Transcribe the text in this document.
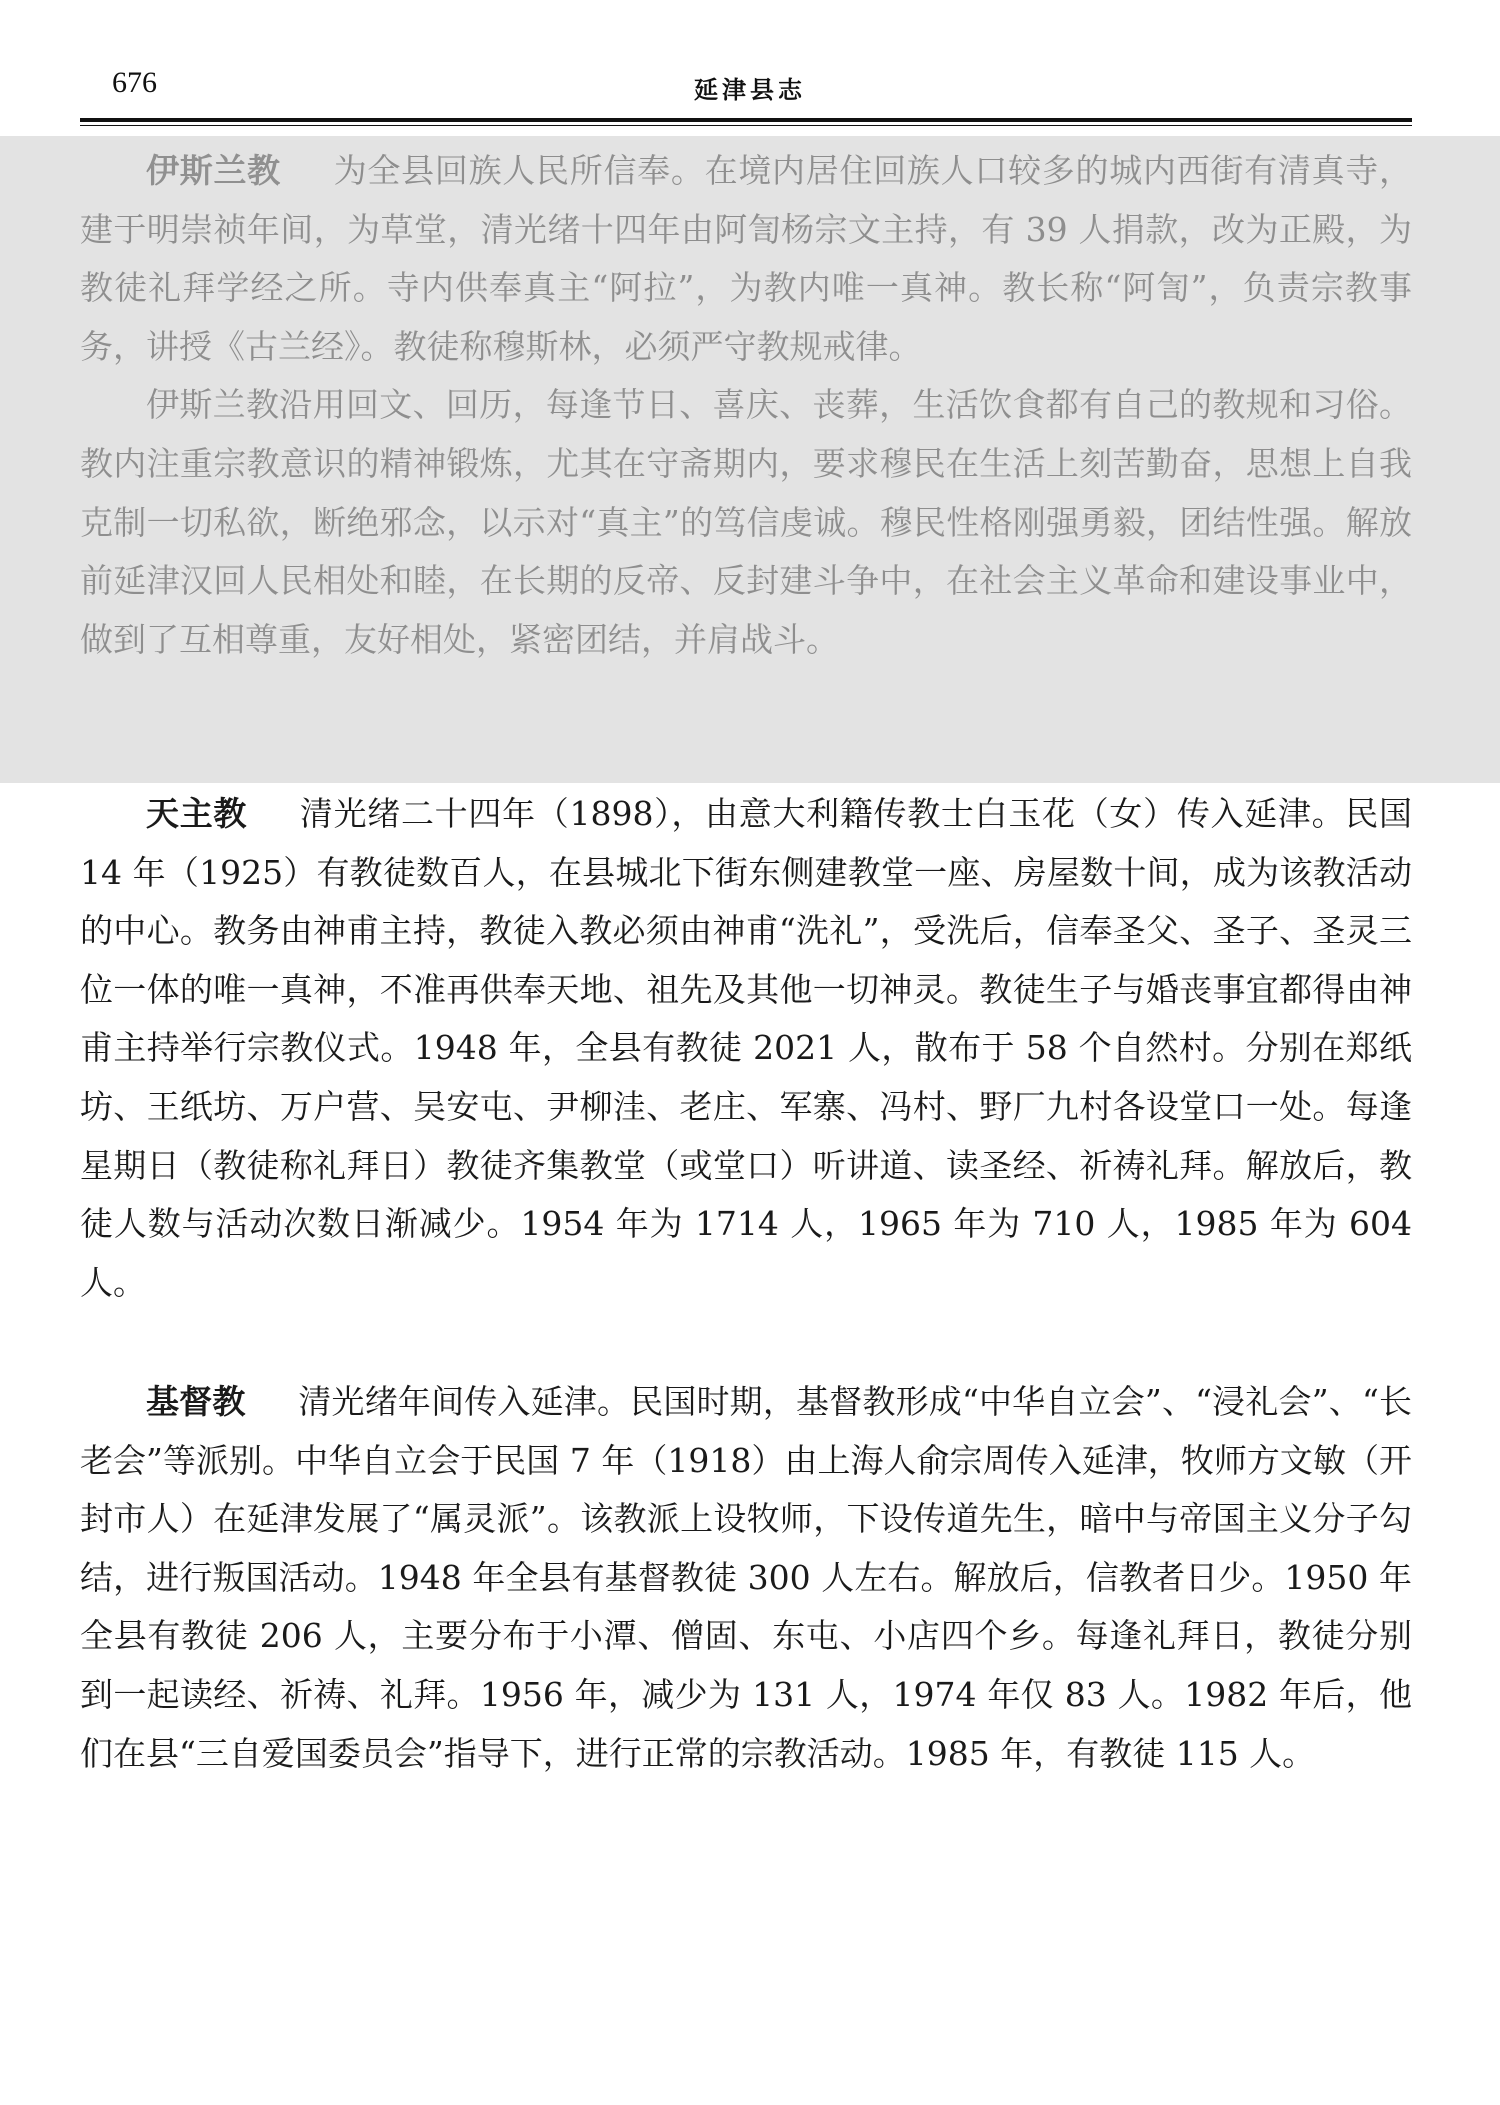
676	延津县志

伊斯兰教 为全县回族人民所信奉。在境内居住回族人口较多的城内西街有清真寺，建于明崇祯年间，为草堂，清光绪十四年由阿訇杨宗文主持，有 39 人捐款，改为正殿，为教徒礼拜学经之所。寺内供奉真主“阿拉”，为教内唯一真神。教长称“阿訇”，负责宗教事务，讲授《古兰经》。教徒称穆斯林，必须严守教规戒律。

伊斯兰教沿用回文、回历，每逢节日、喜庆、丧葬，生活饮食都有自己的教规和习俗。教内注重宗教意识的精神锻炼，尤其在守斋期内，要求穆民在生活上刻苦勤奋，思想上自我克制一切私欲，断绝邪念，以示对“真主”的笃信虔诚。穆民性格刚强勇毅，团结性强。解放前延津汉回人民相处和睦，在长期的反帝、反封建斗争中，在社会主义革命和建设事业中，做到了互相尊重，友好相处，紧密团结，并肩战斗。

天主教 清光绪二十四年（1898），由意大利籍传教士白玉花（女）传入延津。民国 14 年（1925）有教徒数百人，在县城北下街东侧建教堂一座、房屋数十间，成为该教活动的中心。教务由神甫主持，教徒入教必须由神甫“洗礼”，受洗后，信奉圣父、圣子、圣灵三位一体的唯一真神，不准再供奉天地、祖先及其他一切神灵。教徒生子与婚丧事宜都得由神甫主持举行宗教仪式。1948 年，全县有教徒 2021 人，散布于 58 个自然村。分别在郑纸坊、王纸坊、万户营、吴安屯、尹柳洼、老庄、军寨、冯村、野厂九村各设堂口一处。每逢星期日（教徒称礼拜日）教徒齐集教堂（或堂口）听讲道、读圣经、祈祷礼拜。解放后，教徒人数与活动次数日渐减少。1954 年为 1714 人，1965 年为 710 人，1985 年为 604 人。

基督教 清光绪年间传入延津。民国时期，基督教形成“中华自立会”、“浸礼会”、“长老会”等派别。中华自立会于民国 7 年（1918）由上海人俞宗周传入延津，牧师方文敏（开封市人）在延津发展了“属灵派”。该教派上设牧师，下设传道先生，暗中与帝国主义分子勾结，进行叛国活动。1948 年全县有基督教徒 300 人左右。解放后，信教者日少。1950 年全县有教徒 206 人，主要分布于小潭、僧固、东屯、小店四个乡。每逢礼拜日，教徒分别到一起读经、祈祷、礼拜。1956 年，减少为 131 人，1974 年仅 83 人。1982 年后，他们在县“三自爱国委员会”指导下，进行正常的宗教活动。1985 年，有教徒 115 人。
